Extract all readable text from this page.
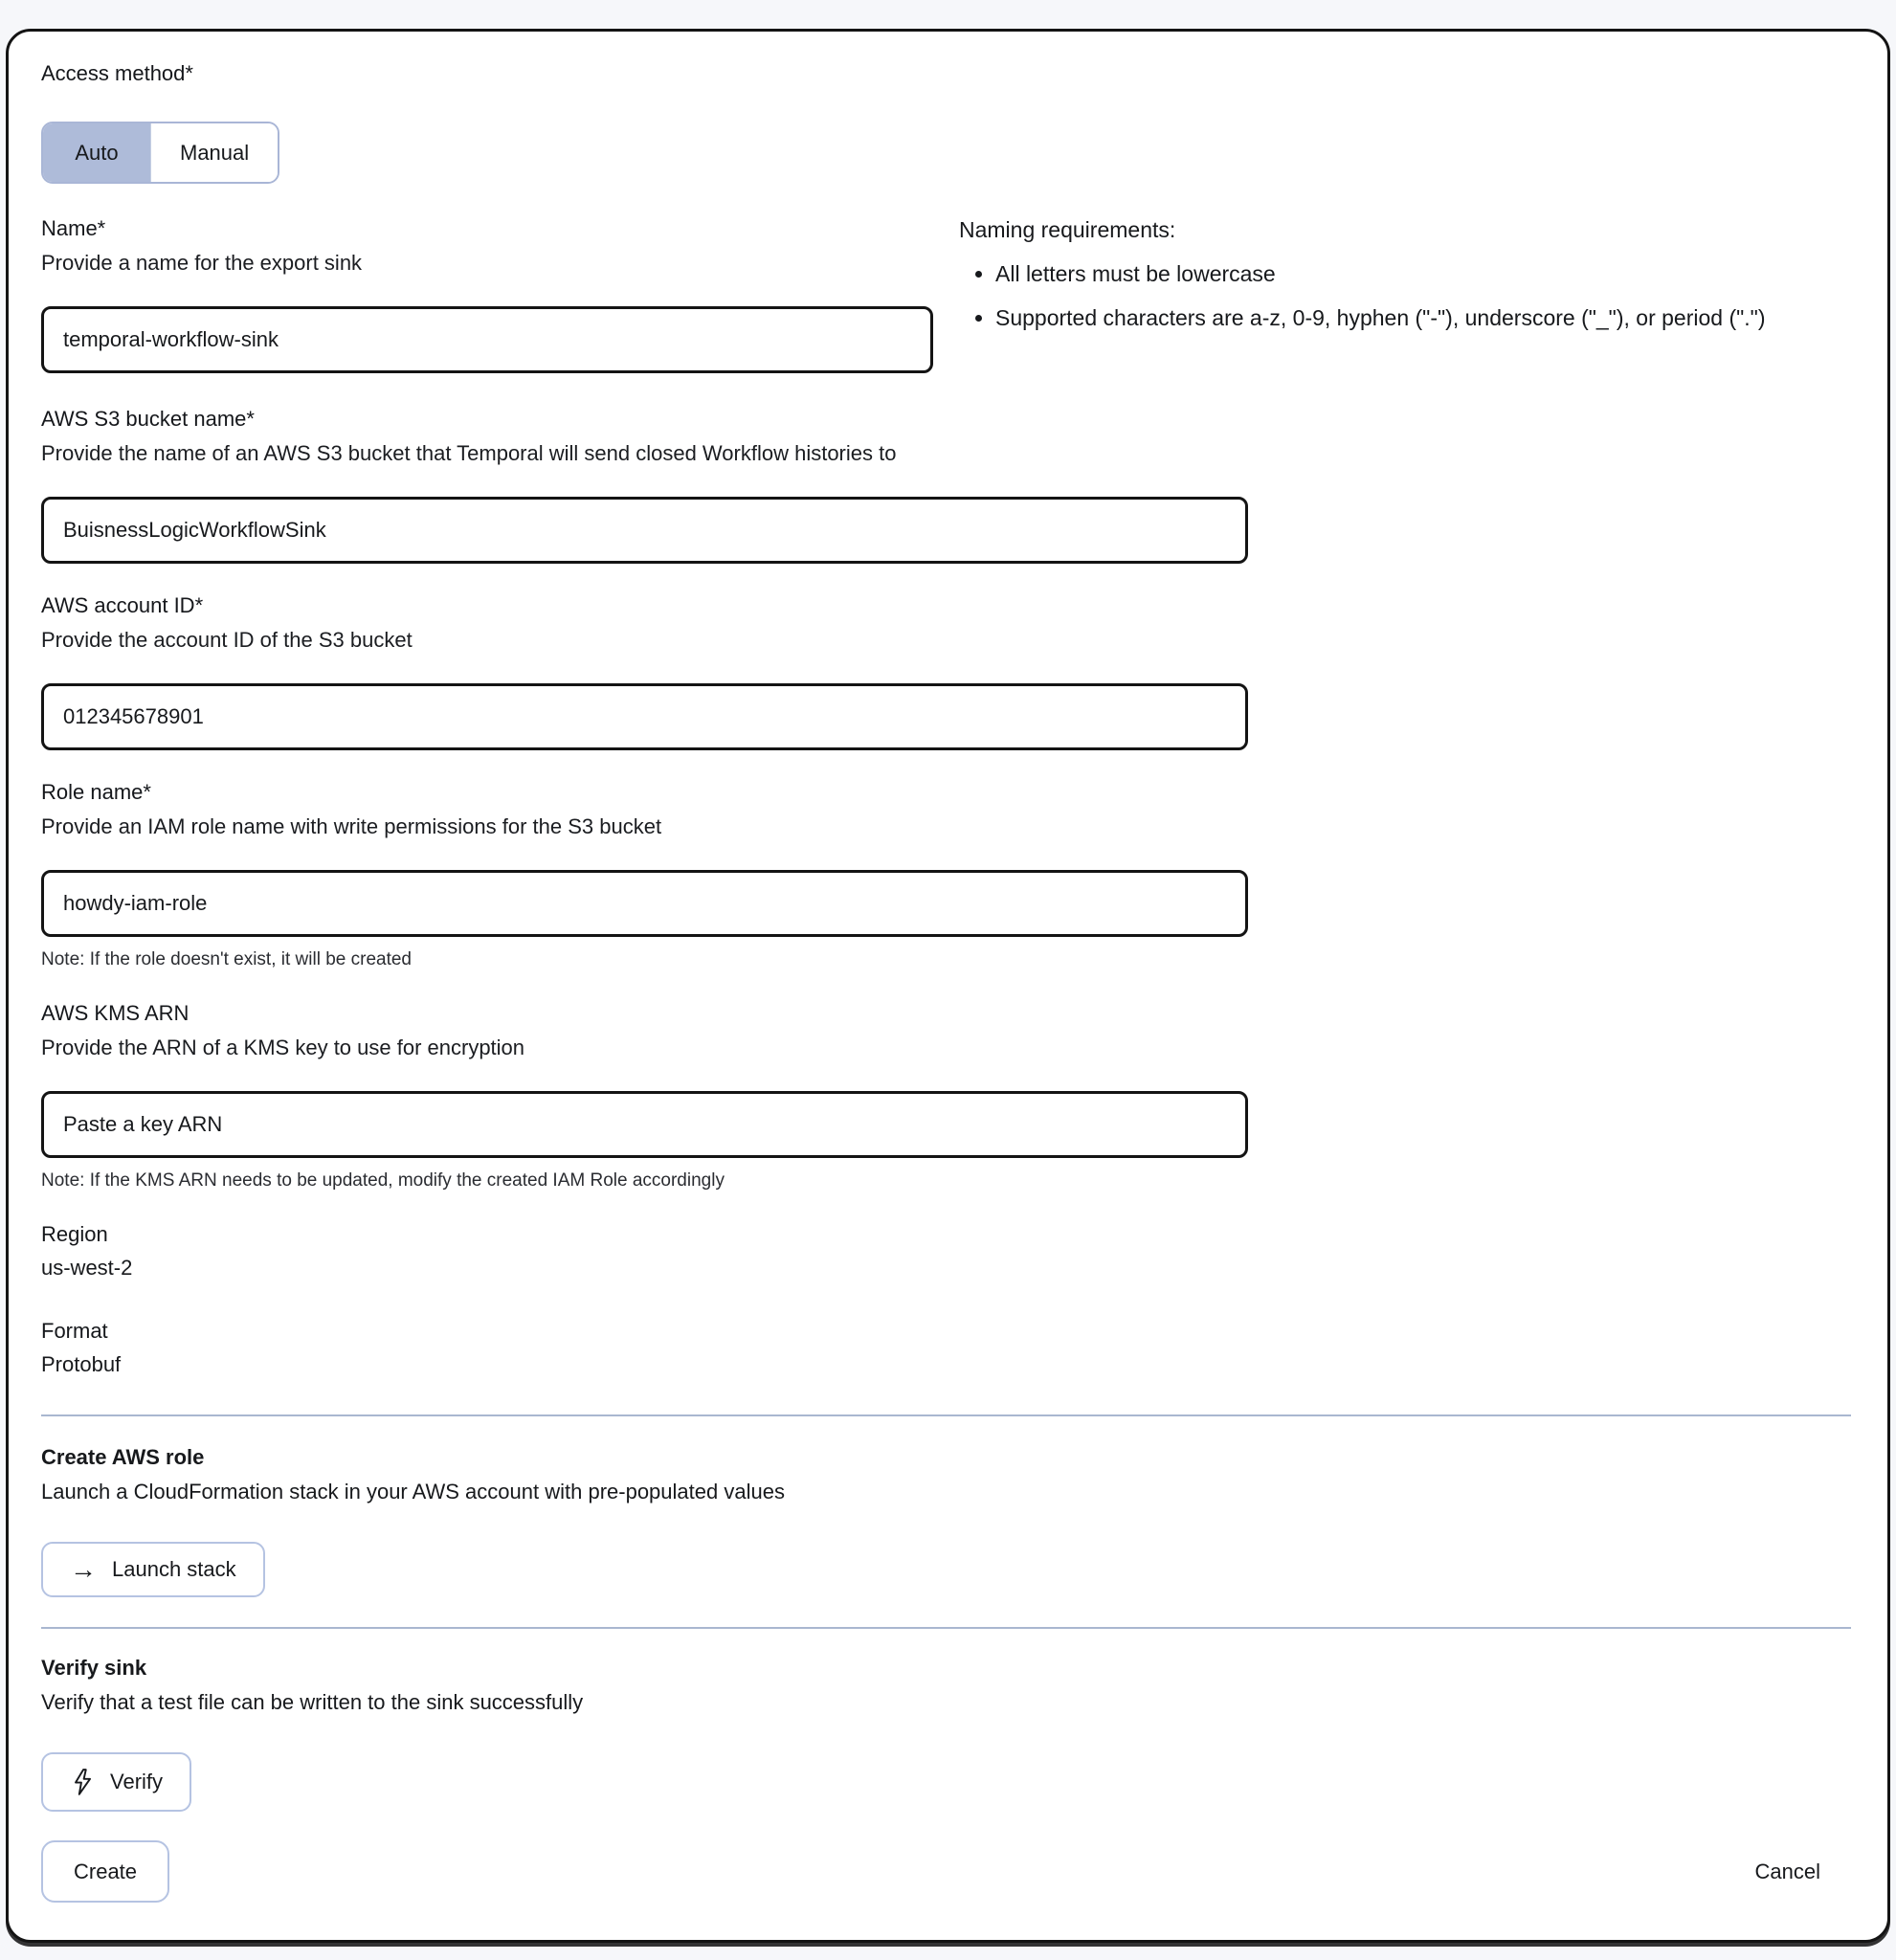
Access method*
Auto	Manual
Name*
Provide a name for the export sink
temporal-workflow-sink
Naming requirements:
• All letters must be lowercase
• Supported characters are a-z, 0-9, hyphen ("-"), underscore ("_"), or period (".")
AWS S3 bucket name*
Provide the name of an AWS S3 bucket that Temporal will send closed Workflow histories to
BuisnessLogicWorkflowSink
AWS account ID*
Provide the account ID of the S3 bucket
012345678901
Role name*
Provide an IAM role name with write permissions for the S3 bucket
howdy-iam-role
Note: If the role doesn't exist, it will be created
AWS KMS ARN
Provide the ARN of a KMS key to use for encryption
Paste a key ARN
Note: If the KMS ARN needs to be updated, modify the created IAM Role accordingly
Region
us-west-2
Format
Protobuf
Create AWS role
Launch a CloudFormation stack in your AWS account with pre-populated values
→ Launch stack
Verify sink
Verify that a test file can be written to the sink successfully
Verify
Create	Cancel
